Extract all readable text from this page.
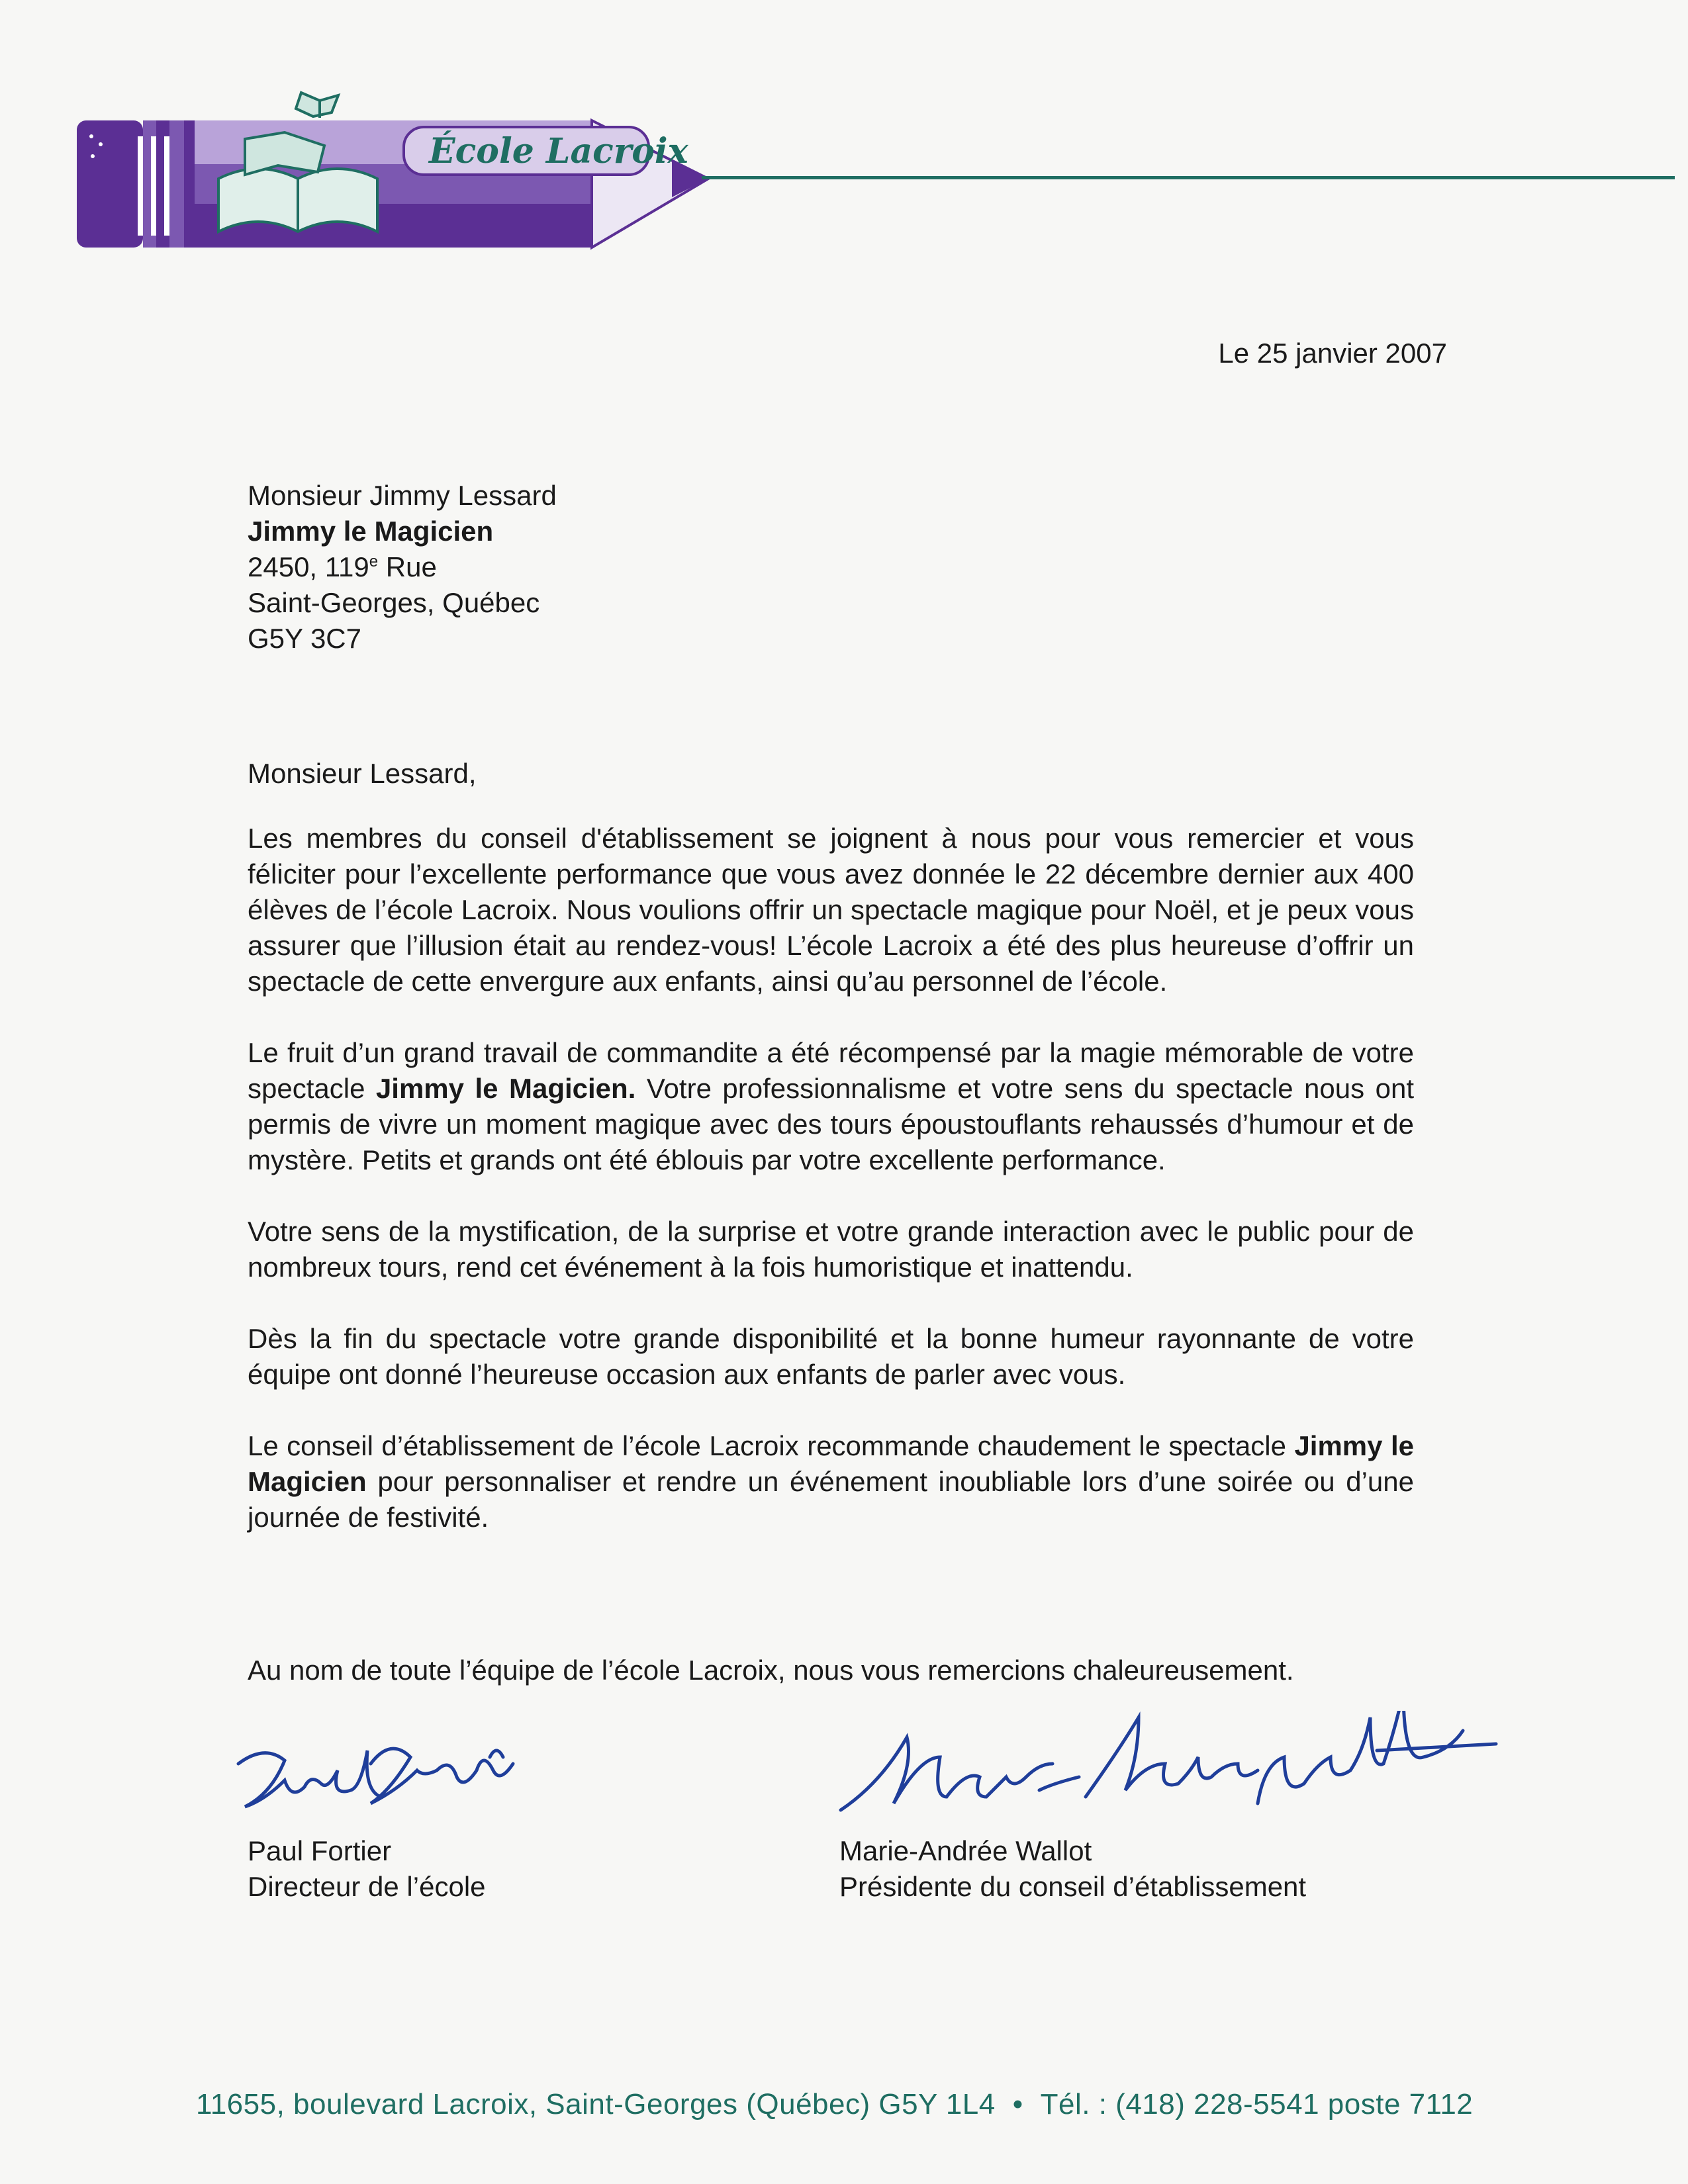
École Lacroix
Le 25 janvier 2007
Monsieur Jimmy Lessard
Jimmy le Magicien
2450, 119e Rue
Saint-Georges, Québec
G5Y 3C7
Monsieur Lessard,

Les membres du conseil d'établissement se joignent à nous pour vous remercier et vous féliciter pour l’excellente performance que vous avez donnée le 22 décembre dernier aux 400 élèves de l’école Lacroix. Nous voulions offrir un spectacle magique pour Noël, et je peux vous assurer que l’illusion était au rendez-vous! L’école Lacroix a été des plus heureuse d’offrir un spectacle de cette envergure aux enfants, ainsi qu’au personnel de l’école.

Le fruit d’un grand travail de commandite a été récompensé par la magie mémorable de votre spectacle Jimmy le Magicien. Votre professionnalisme et votre sens du spectacle nous ont permis de vivre un moment magique avec des tours époustouflants rehaussés d’humour et de mystère. Petits et grands ont été éblouis par votre excellente performance.

Votre sens de la mystification, de la surprise et votre grande interaction avec le public pour de nombreux tours, rend cet événement à la fois humoristique et inattendu.

Dès la fin du spectacle votre grande disponibilité et la bonne humeur rayonnante de votre équipe ont donné l’heureuse occasion aux enfants de parler avec vous.

Le conseil d’établissement de l’école Lacroix recommande chaudement le spectacle Jimmy le Magicien pour personnaliser et rendre un événement inoubliable lors d’une soirée ou d’une journée de festivité.

Au nom de toute l’équipe de l’école Lacroix, nous vous remercions chaleureusement.
Paul Fortier
Directeur de l’école
Marie-Andrée Wallot
Présidente du conseil d’établissement
11655, boulevard Lacroix, Saint-Georges (Québec) G5Y 1L4 • Tél. : (418) 228-5541 poste 7112
